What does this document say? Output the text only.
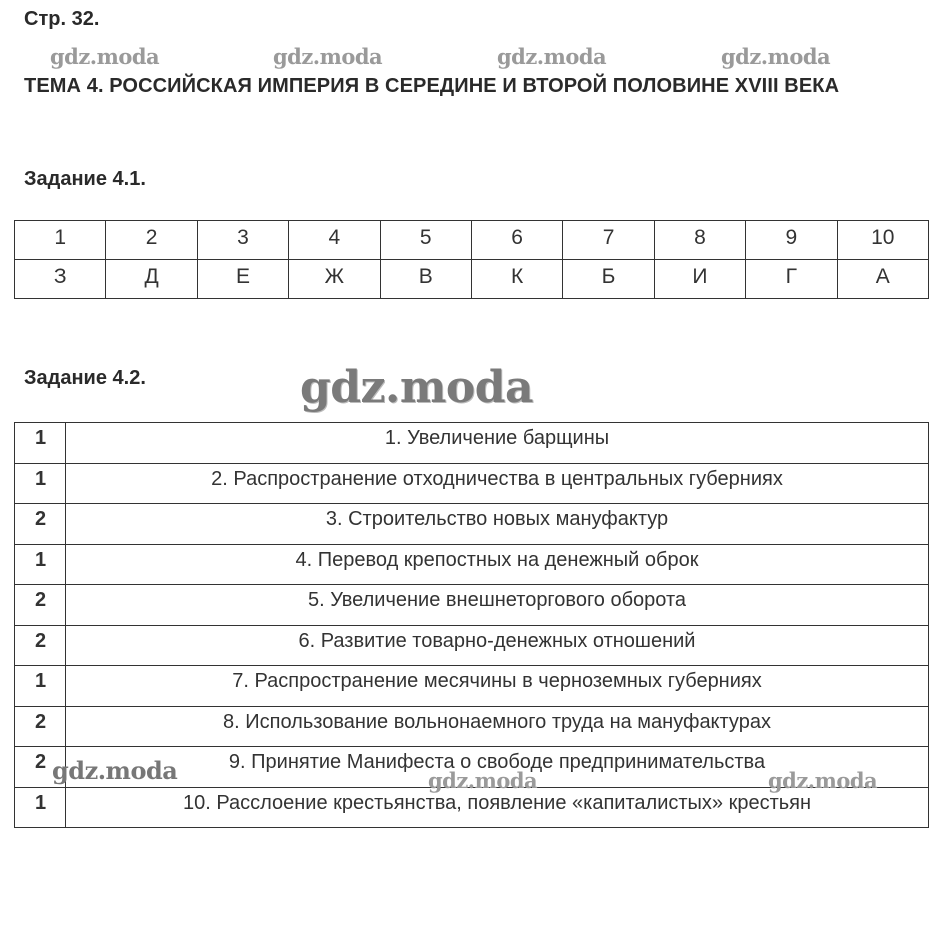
Стр. 32.
ТЕМА 4. РОССИЙСКАЯ ИМПЕРИЯ В СЕРЕДИНЕ И ВТОРОЙ ПОЛОВИНЕ XVIII ВЕКА
Задание 4.1.
1	2	3	4	5	6	7	8	9	10
З	Д	Е	Ж	В	К	Б	И	Г	А
Задание 4.2.
1	1. Увеличение барщины
1	2. Распространение отходничества в центральных губерниях
2	3. Строительство новых мануфактур
1	4. Перевод крепостных на денежный оброк
2	5. Увеличение внешнеторгового оборота
2	6. Развитие товарно-денежных отношений
1	7. Распространение месячины в черноземных губерниях
2	8. Использование вольнонаемного труда на мануфактурах
2	9. Принятие Манифеста о свободе предпринимательства
1	10. Расслоение крестьянства, появление «капиталистых» крестьян
gdz.moda	gdz.moda	gdz.moda	gdz.moda
gdz.moda
gdz.moda	gdz.moda	gdz.moda
